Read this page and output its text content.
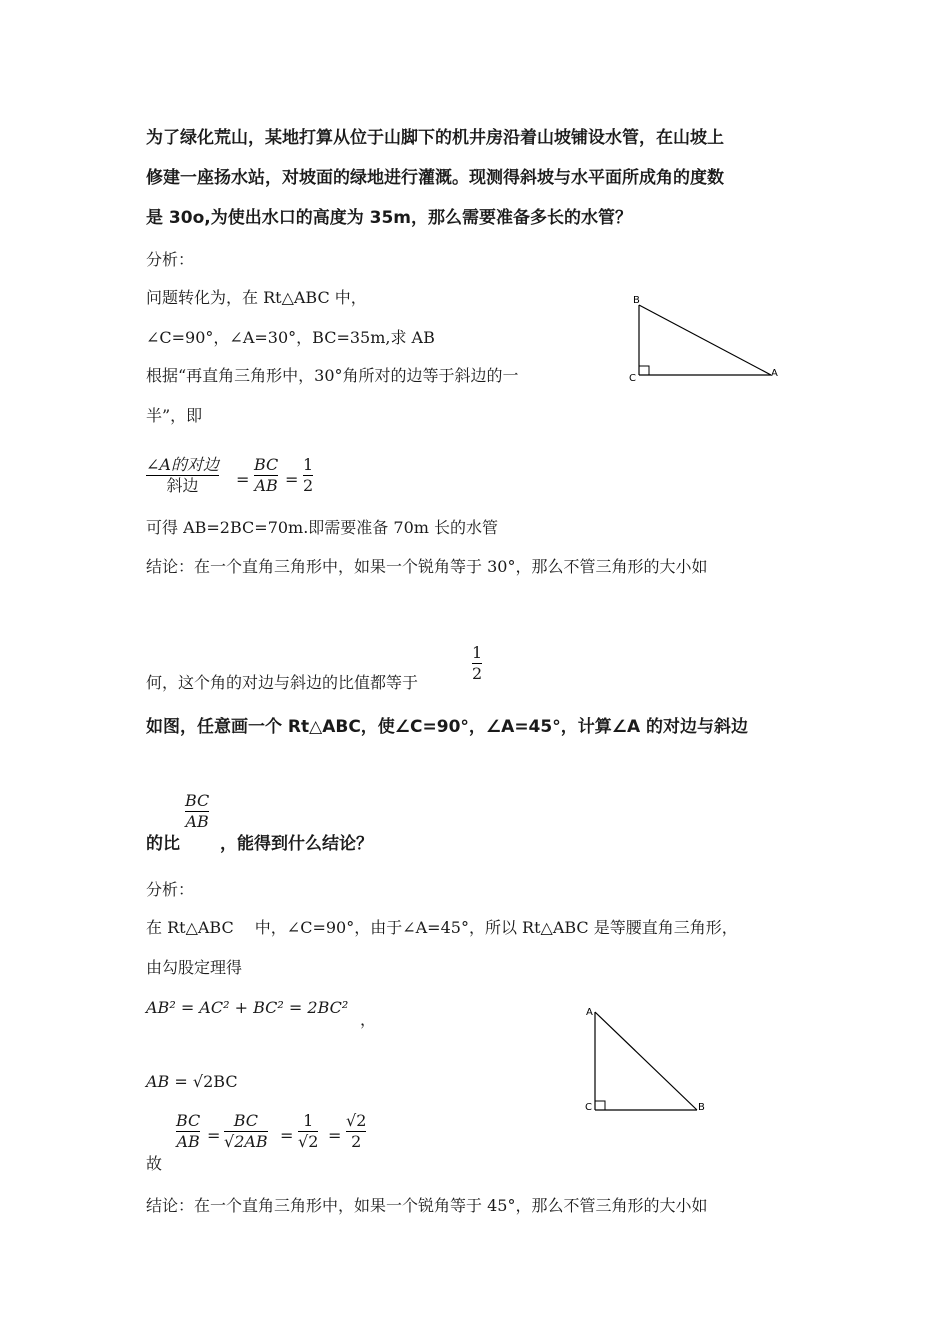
为了绿化荒山，某地打算从位于山脚下的机井房沿着山坡铺设水管，在山坡上
修建一座扬水站，对坡面的绿地进行灌溉。现测得斜坡与水平面所成角的度数
是 30o,为使出水口的高度为 35m，那么需要准备多长的水管？
分析：
问题转化为，在 Rt△ABC 中，
∠C=90°，∠A=30°，BC=35m,求 AB
根据“再直角三角形中，30°角所对的边等于斜边的一
半”，即
B
C	A
∠A的对边
斜边 =
BC
AB =
1
2
可得 AB=2BC=70m.即需要准备 70m 长的水管
结论：在一个直角三角形中，如果一个锐角等于 30°，那么不管三角形的大小如
1
2
何，这个角的对边与斜边的比值都等于
如图，任意画一个 Rt△ABC，使∠C=90°，∠A=45°，计算∠A 的对边与斜边
的比
BC
AB
，能得到什么结论？
分析：
在 Rt△ABC　 中，∠C=90°，由于∠A=45°，所以 Rt△ABC 是等腰直角三角形，
由勾股定理得
AB² = AC² + BC² = 2BC²
，
AB = √2BC
BC
AB =
BC
√2AB =
1
√2 =
√2
2
故
A
C	B
结论：在一个直角三角形中，如果一个锐角等于 45°，那么不管三角形的大小如
